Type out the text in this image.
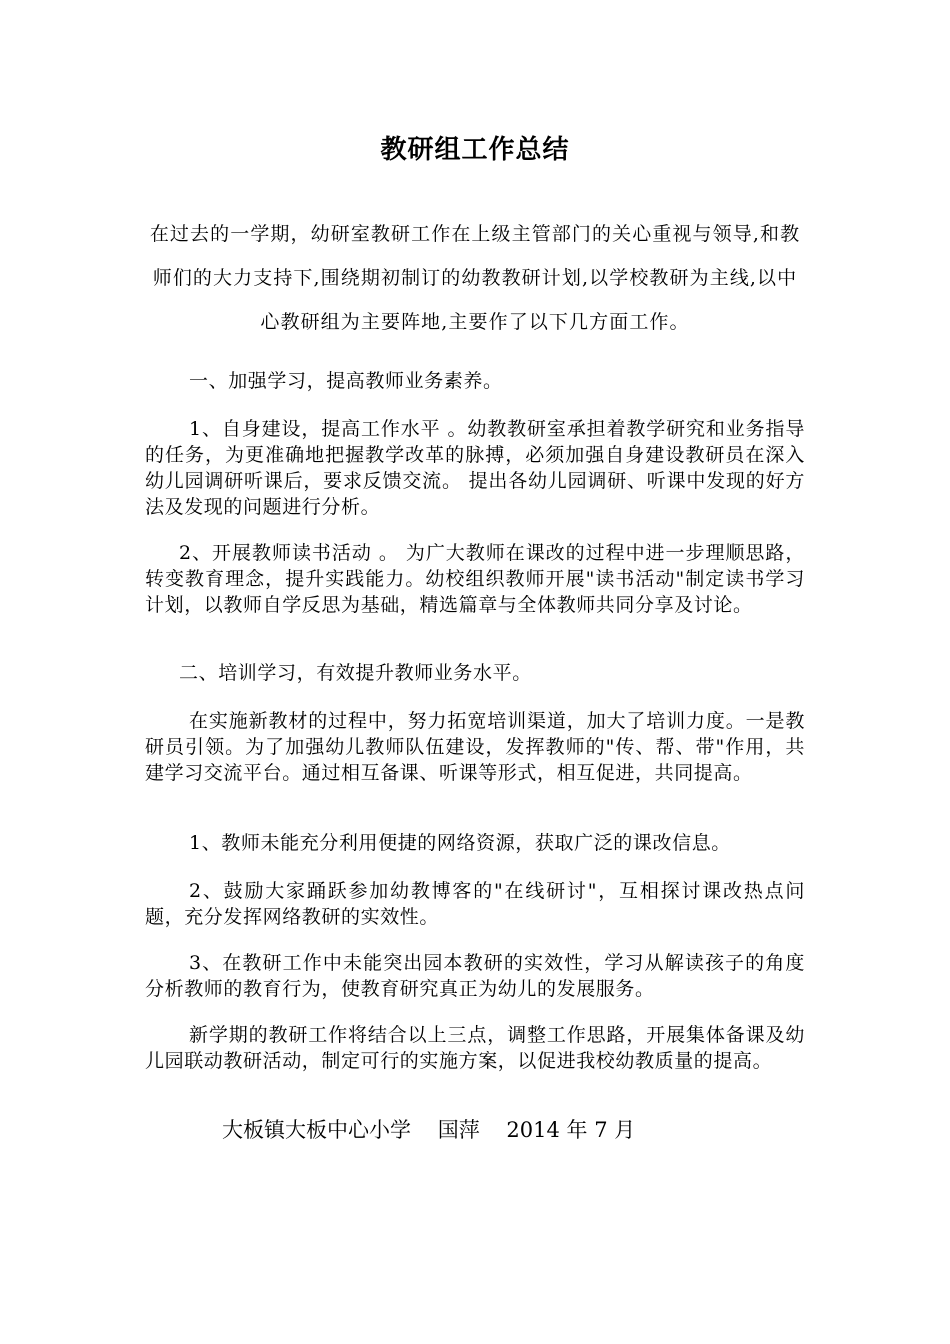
教研组工作总结
在过去的一学期，幼研室教研工作在上级主管部门的关心重视与领导,和教师们的大力支持下,围绕期初制订的幼教教研计划,以学校教研为主线,以中心教研组为主要阵地,主要作了以下几方面工作。
一、加强学习，提高教师业务素养。
1、自身建设，提高工作水平 。幼教教研室承担着教学研究和业务指导的任务，为更准确地把握教学改革的脉搏，必须加强自身建设教研员在深入幼儿园调研听课后，要求反馈交流。 提出各幼儿园调研、听课中发现的好方法及发现的问题进行分析。
2、开展教师读书活动 。 为广大教师在课改的过程中进一步理顺思路，转变教育理念，提升实践能力。幼校组织教师开展"读书活动"制定读书学习计划，以教师自学反思为基础，精选篇章与全体教师共同分享及讨论。
二、培训学习，有效提升教师业务水平。
在实施新教材的过程中，努力拓宽培训渠道，加大了培训力度。一是教研员引领。为了加强幼儿教师队伍建设，发挥教师的"传、帮、带"作用，共建学习交流平台。通过相互备课、听课等形式，相互促进，共同提高。
1、教师未能充分利用便捷的网络资源，获取广泛的课改信息。
2、鼓励大家踊跃参加幼教博客的"在线研讨"，互相探讨课改热点问题，充分发挥网络教研的实效性。
3、在教研工作中未能突出园本教研的实效性，学习从解读孩子的角度分析教师的教育行为，使教育研究真正为幼儿的发展服务。
新学期的教研工作将结合以上三点，调整工作思路，开展集体备课及幼儿园联动教研活动，制定可行的实施方案，以促进我校幼教质量的提高。
大板镇大板中心小学    国萍    2014 年 7 月
